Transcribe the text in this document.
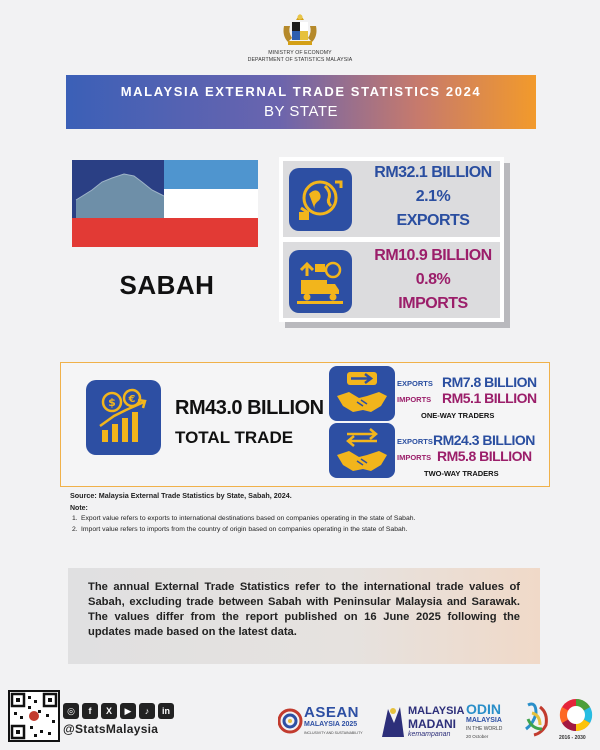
MINISTRY OF ECONOMY
DEPARTMENT OF STATISTICS MALAYSIA
MALAYSIA EXTERNAL TRADE STATISTICS 2024
BY STATE
SABAH
RM32.1 BILLION
2.1%
EXPORTS
RM10.9 BILLION
0.8%
IMPORTS
$ € RM43.0 BILLION
TOTAL TRADE
EXPORTS RM7.8 BILLION
IMPORTS RM5.1 BILLION
ONE-WAY TRADERS
EXPORTS RM24.3 BILLION
IMPORTS RM5.8 BILLION
TWO-WAY TRADERS
Source: Malaysia External Trade Statistics by State, Sabah, 2024.
Note:
1. Export value refers to exports to international destinations based on companies operating in the state of Sabah.
2. Import value refers to imports from the country of origin based on companies operating in the state of Sabah.
The annual External Trade Statistics refer to the international trade values of Sabah, excluding trade between Sabah with Peninsular Malaysia and Sarawak. The values differ from the report published on 16 June 2025 following the updates made based on the latest data.
◎	f	X	▶	♪	in
@StatsMalaysia
ASEAN
MALAYSIA 2025
INCLUSIVITY AND SUSTAINABILITY
MALAYSIA
MADANI
kemampanan
ODIN
MALAYSIA
IN THE WORLD
20 October	2016 - 2030
